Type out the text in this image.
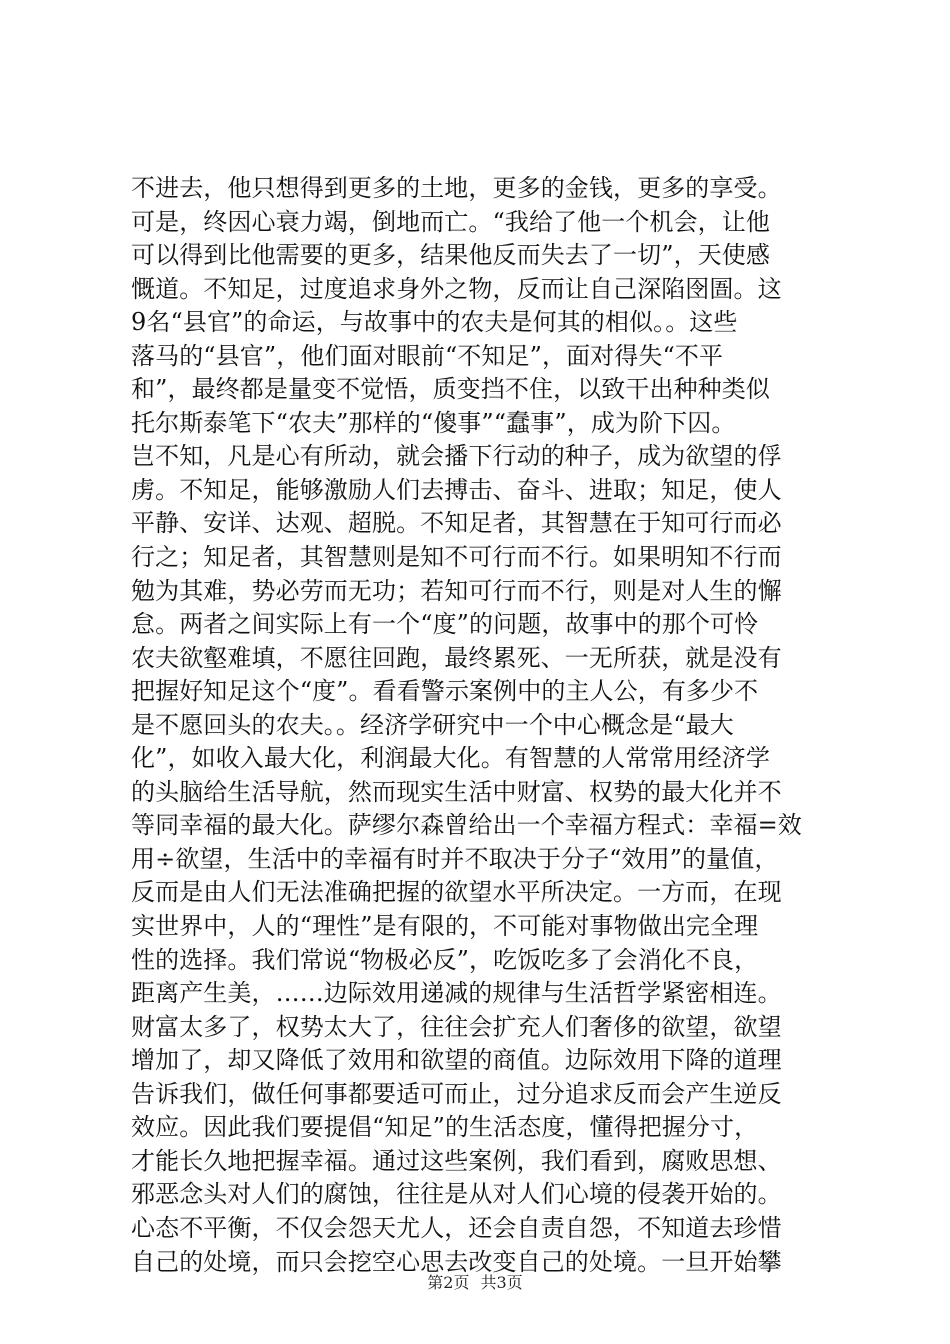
不进去，他只想得到更多的土地，更多的金钱，更多的享受。
可是，终因心衰力竭，倒地而亡。“我给了他一个机会，让他
可以得到比他需要的更多，结果他反而失去了一切”，天使感
慨道。不知足，过度追求身外之物，反而让自己深陷囹圄。这
9名“县官”的命运，与故事中的农夫是何其的相似。。这些
落马的“县官”，他们面对眼前“不知足”，面对得失“不平
和”，最终都是量变不觉悟，质变挡不住，以致干出种种类似
托尔斯泰笔下“农夫”那样的“傻事”“蠢事”，成为阶下囚。
岂不知，凡是心有所动，就会播下行动的种子，成为欲望的俘
虏。不知足，能够激励人们去搏击、奋斗、进取；知足，使人
平静、安详、达观、超脱。不知足者，其智慧在于知可行而必
行之；知足者，其智慧则是知不可行而不行。如果明知不行而
勉为其难，势必劳而无功；若知可行而不行，则是对人生的懈
怠。两者之间实际上有一个“度”的问题，故事中的那个可怜
农夫欲壑难填，不愿往回跑，最终累死、一无所获，就是没有
把握好知足这个“度”。看看警示案例中的主人公，有多少不
是不愿回头的农夫。。经济学研究中一个中心概念是“最大
化”，如收入最大化，利润最大化。有智慧的人常常用经济学
的头脑给生活导航，然而现实生活中财富、权势的最大化并不
等同幸福的最大化。萨缪尔森曾给出一个幸福方程式：幸福=效
用÷欲望，生活中的幸福有时并不取决于分子“效用”的量值，
反而是由人们无法准确把握的欲望水平所决定。一方而，在现
实世界中，人的“理性”是有限的，不可能对事物做出完全理
性的选择。我们常说“物极必反”，吃饭吃多了会消化不良，
距离产生美，……边际效用递减的规律与生活哲学紧密相连。
财富太多了，权势太大了，往往会扩充人们奢侈的欲望，欲望
增加了，却又降低了效用和欲望的商值。边际效用下降的道理
告诉我们，做任何事都要适可而止，过分追求反而会产生逆反
效应。因此我们要提倡“知足”的生活态度，懂得把握分寸，
才能长久地把握幸福。通过这些案例，我们看到，腐败思想、
邪恶念头对人们的腐蚀，往往是从对人们心境的侵袭开始的。
心态不平衡，不仅会怨天尤人，还会自责自怨，不知道去珍惜
自己的处境，而只会挖空心思去改变自己的处境。一旦开始攀
第2页 共3页
